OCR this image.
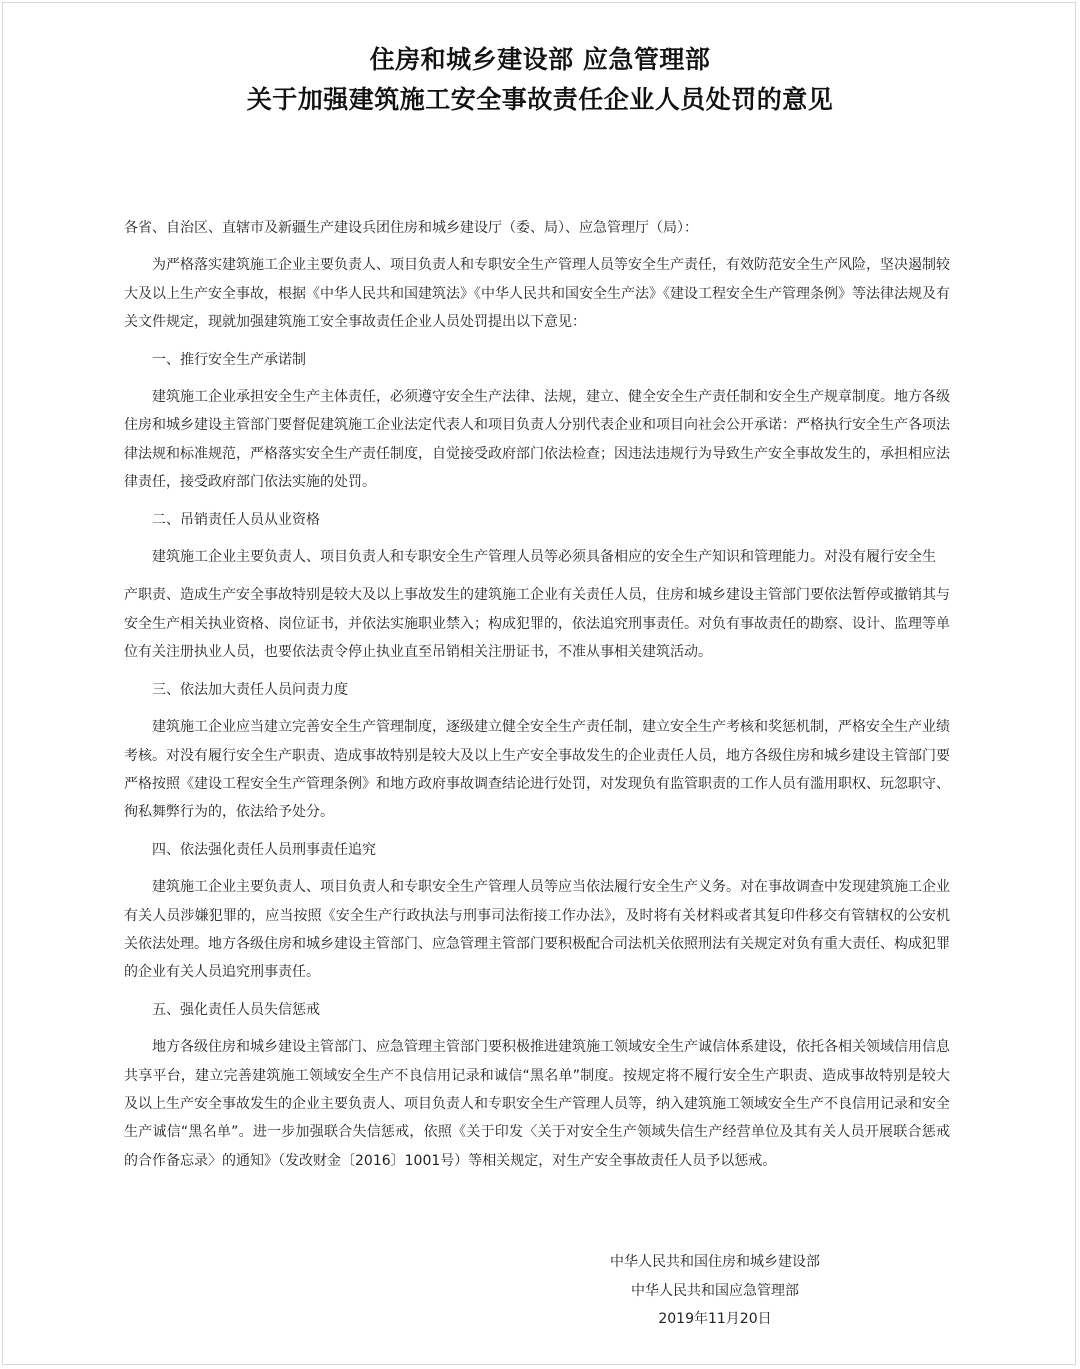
住房和城乡建设部 应急管理部
关于加强建筑施工安全事故责任企业人员处罚的意见

各省、自治区、直辖市及新疆生产建设兵团住房和城乡建设厅（委、局）、应急管理厅（局）：

为严格落实建筑施工企业主要负责人、项目负责人和专职安全生产管理人员等安全生产责任，有效防范安全生产风险，坚决遏制较大及以上生产安全事故，根据《中华人民共和国建筑法》《中华人民共和国安全生产法》《建设工程安全生产管理条例》等法律法规及有关文件规定，现就加强建筑施工安全事故责任企业人员处罚提出以下意见：

一、推行安全生产承诺制

建筑施工企业承担安全生产主体责任，必须遵守安全生产法律、法规，建立、健全安全生产责任制和安全生产规章制度。地方各级住房和城乡建设主管部门要督促建筑施工企业法定代表人和项目负责人分别代表企业和项目向社会公开承诺：严格执行安全生产各项法律法规和标准规范，严格落实安全生产责任制度，自觉接受政府部门依法检查；因违法违规行为导致生产安全事故发生的，承担相应法律责任，接受政府部门依法实施的处罚。

二、吊销责任人员从业资格

建筑施工企业主要负责人、项目负责人和专职安全生产管理人员等必须具备相应的安全生产知识和管理能力。对没有履行安全生

产职责、造成生产安全事故特别是较大及以上事故发生的建筑施工企业有关责任人员，住房和城乡建设主管部门要依法暂停或撤销其与安全生产相关执业资格、岗位证书，并依法实施职业禁入；构成犯罪的，依法追究刑事责任。对负有事故责任的勘察、设计、监理等单位有关注册执业人员，也要依法责令停止执业直至吊销相关注册证书，不准从事相关建筑活动。

三、依法加大责任人员问责力度

建筑施工企业应当建立完善安全生产管理制度，逐级建立健全安全生产责任制，建立安全生产考核和奖惩机制，严格安全生产业绩考核。对没有履行安全生产职责、造成事故特别是较大及以上生产安全事故发生的企业责任人员，地方各级住房和城乡建设主管部门要严格按照《建设工程安全生产管理条例》和地方政府事故调查结论进行处罚，对发现负有监管职责的工作人员有滥用职权、玩忽职守、徇私舞弊行为的，依法给予处分。

四、依法强化责任人员刑事责任追究

建筑施工企业主要负责人、项目负责人和专职安全生产管理人员等应当依法履行安全生产义务。对在事故调查中发现建筑施工企业有关人员涉嫌犯罪的，应当按照《安全生产行政执法与刑事司法衔接工作办法》，及时将有关材料或者其复印件移交有管辖权的公安机关依法处理。地方各级住房和城乡建设主管部门、应急管理主管部门要积极配合司法机关依照刑法有关规定对负有重大责任、构成犯罪的企业有关人员追究刑事责任。

五、强化责任人员失信惩戒

地方各级住房和城乡建设主管部门、应急管理主管部门要积极推进建筑施工领域安全生产诚信体系建设，依托各相关领域信用信息共享平台，建立完善建筑施工领域安全生产不良信用记录和诚信“黑名单”制度。按规定将不履行安全生产职责、造成事故特别是较大及以上生产安全事故发生的企业主要负责人、项目负责人和专职安全生产管理人员等，纳入建筑施工领域安全生产不良信用记录和安全生产诚信“黑名单”。进一步加强联合失信惩戒，依照《关于印发〈关于对安全生产领域失信生产经营单位及其有关人员开展联合惩戒的合作备忘录〉的通知》（发改财金〔2016〕1001号）等相关规定，对生产安全事故责任人员予以惩戒。

中华人民共和国住房和城乡建设部
中华人民共和国应急管理部
2019年11月20日
